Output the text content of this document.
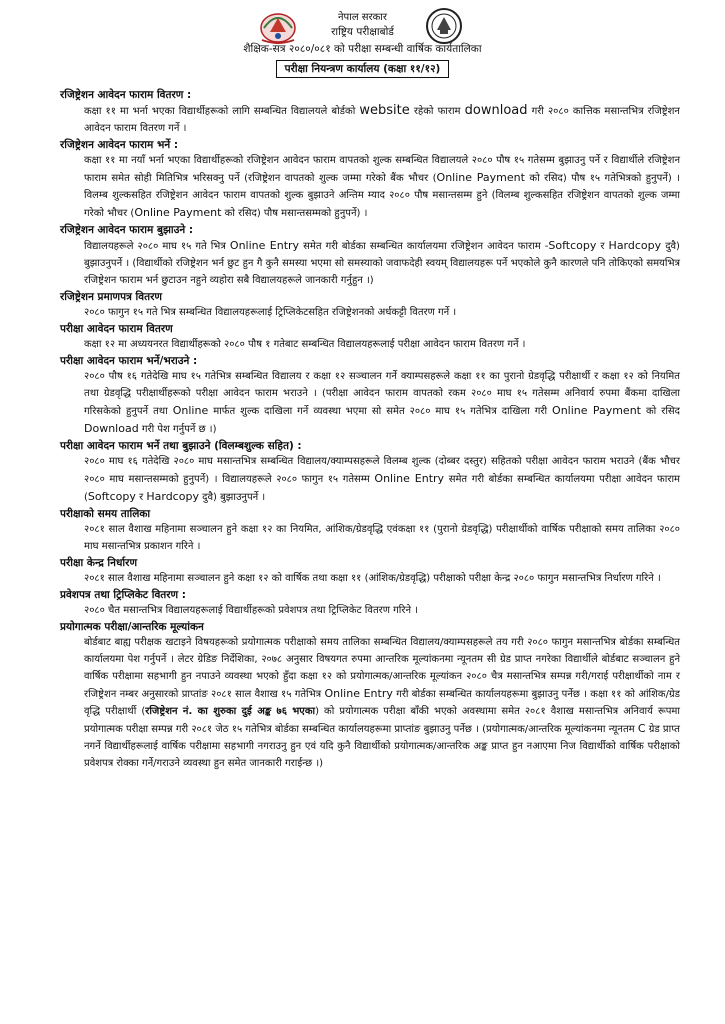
नेपाल सरकार
राष्ट्रिय परीक्षाबोर्ड
शैक्षिक-सत्र २०८०/०८१ को परीक्षा सम्बन्धी वार्षिक कार्यतालिका
परीक्षा नियन्त्रण कार्यालय (कक्षा ११/१२)
रजिष्ट्रेशन आवेदन फाराम वितरण :
कक्षा ११ मा भर्ना भएका विद्यार्थीहरूको लागि सम्बन्धित विद्यालयले बोर्डको website रहेको फाराम download गरी २०८० कात्तिक मसान्तभित्र रजिष्ट्रेशन आवेदन फाराम वितरण गर्ने ।
रजिष्ट्रेशन आवेदन फाराम भर्ने :
कक्षा ११ मा नयाँ भर्ना भएका विद्यार्थीहरूको रजिष्ट्रेशन आवेदन फाराम वापतको शुल्क सम्बन्धित विद्यालयले २०८० पौष १५ गतेसम्म बुझाउनु पर्ने र विद्यार्थीले रजिष्ट्रेशन फाराम समेत सोही मितिभित्र भरिसक्नु पर्ने (रजिष्ट्रेशन वापतको शुल्क जम्मा गरेको बैंक भौचर (Online Payment को रसिद) पौष १५ गतेभित्रको हुनुपर्ने) । विलम्ब शुल्कसहित रजिष्ट्रेशन आवेदन फाराम वापतको शुल्क बुझाउने अन्तिम म्याद २०८० पौष मसान्तसम्म हुने (विलम्ब शुल्कसहित रजिष्ट्रेशन वापतको शुल्क जम्मा गरेको भौचर (Online Payment को रसिद) पौष मसान्तसम्मको हुनुपर्ने) ।
रजिष्ट्रेशन आवेदन फाराम बुझाउने :
विद्यालयहरूले २०८० माघ १५ गते भित्र Online Entry समेत गरी बोर्डका सम्बन्धित कार्यालयमा रजिष्ट्रेशन आवेदन फाराम -Softcopy र Hardcopy दुवै) बुझाउनुपर्ने । (विद्यार्थीको रजिष्ट्रेशन भर्न छुट हुन गै कुनै समस्या भएमा सो समस्याको जवाफदेही स्वयम् विद्यालयहरू पर्ने भएकोले कुनै कारणले पनि तोकिएको समयभित्र रजिष्ट्रेशन फाराम भर्न छुटाउन नहुने व्यहोरा सबै विद्यालयहरूले जानकारी गर्नुहुन ।)
रजिष्ट्रेशन प्रमाणपत्र वितरण
२०८० फागुन १५ गते भित्र सम्बन्धित विद्यालयहरूलाई ट्रिप्लिकेटसहित रजिष्ट्रेशनको अर्धकट्टी वितरण गर्ने ।
परीक्षा आवेदन फाराम वितरण
कक्षा १२ मा अध्ययनरत विद्यार्थीहरूको २०८० पौष १ गतेबाट सम्बन्धित विद्यालयहरूलाई परीक्षा आवेदन फाराम वितरण गर्ने ।
परीक्षा आवेदन फाराम भर्ने/भराउने :
२०८० पौष १६ गतेदेखि माघ १५ गतेभित्र सम्बन्धित विद्यालय र कक्षा १२ सञ्चालन गर्ने क्याम्पसहरूले कक्षा ११ का पुरानो ग्रेडवृद्धि परीक्षार्थी र कक्षा १२ को नियमित तथा ग्रेडवृद्धि परीक्षार्थीहरूको परीक्षा आवेदन फाराम भराउने । (परीक्षा आवेदन फाराम वापतको रकम २०८० माघ १५ गतेसम्म अनिवार्य रुपमा बैंकमा दाखिला गरिसकेको हुनुपर्ने तथा Online मार्फत शुल्क दाखिला गर्ने व्यवस्था भएमा सो समेत २०८० माघ १५ गतेभित्र दाखिला गरी Online Payment को रसिद Download गरी पेश गर्नुपर्ने छ ।)
परीक्षा आवेदन फाराम भर्ने तथा बुझाउने (विलम्बशुल्क सहित) :
२०८० माघ १६ गतेदेखि २०८० माघ मसान्तभित्र सम्बन्धित विद्यालय/क्याम्पसहरूले विलम्ब शुल्क (दोब्बर दस्तुर) सहितको परीक्षा आवेदन फाराम भराउने (बैंक भौचर २०८० माघ मसान्तसम्मको हुनुपर्ने) । विद्यालयहरूले २०८० फागुन १५ गतेसम्म Online Entry समेत गरी बोर्डका सम्बन्धित कार्यालयमा परीक्षा आवेदन फाराम (Softcopy र Hardcopy दुवै) बुझाउनुपर्ने ।
परीक्षाको समय तालिका
२०८१ साल वैशाख महिनामा सञ्चालन हुने कक्षा १२ का नियमित, आंशिक/ग्रेडवृद्धि एवंकक्षा ११ (पुरानो ग्रेडवृद्धि) परीक्षार्थीको वार्षिक परीक्षाको समय तालिका २०८० माघ मसान्तभित्र प्रकाशन गरिने ।
परीक्षा केन्द्र निर्धारण
२०८१ साल वैशाख महिनामा सञ्चालन हुने कक्षा १२ को वार्षिक तथा कक्षा ११ (आंशिक/ग्रेडवृद्धि) परीक्षाको परीक्षा केन्द्र २०८० फागुन मसान्तभित्र निर्धारण गरिने ।
प्रवेशपत्र तथा ट्रिप्लिकेट वितरण :
२०८० चैत मसान्तभित्र विद्यालयहरूलाई विद्यार्थीहरूको प्रवेशपत्र तथा ट्रिप्लिकेट वितरण गरिने ।
प्रयोगात्मक परीक्षा/आन्तरिक मूल्यांकन
बोर्डबाट बाह्य परीक्षक खटाइने विषयहरूको प्रयोगात्मक परीक्षाको समय तालिका सम्बन्धित विद्यालय/क्याम्पसहरूले तय गरी २०८० फागुन मसान्तभित्र बोर्डका सम्बन्धित कार्यालयमा पेश गर्नुपर्ने । लेटर ग्रेडिङ निर्देशिका, २०७८ अनुसार विषयगत रुपमा आन्तरिक मूल्यांकनमा न्यूनतम सी ग्रेड प्राप्त नगरेका विद्यार्थीले बोर्डबाट सञ्चालन हुने वार्षिक परीक्षामा सहभागी हुन नपाउने व्यवस्था भएको हुँदा कक्षा १२ को प्रयोगात्मक/आन्तरिक मूल्यांकन २०८० चैत्र मसान्तभित्र सम्पन्न गरी/गराई परीक्षार्थीको नाम र रजिष्ट्रेशन नम्बर अनुसारको प्राप्तांङ २०८१ साल वैशाख १५ गतेभित्र Online Entry गरी बोर्डका सम्बन्धित कार्यालयहरूमा बुझाउनु पर्नेछ । कक्षा ११ को आंशिक/ग्रेड वृद्धि परीक्षार्थी (रजिष्ट्रेशन नं. का शुरुका दुई अङ्क ७६ भएका) को प्रयोगात्मक परीक्षा बाँकी भएको अवस्थामा समेत २०८१ वैशाख मसान्तभित्र अनिवार्य रूपमा प्रयोगात्मक परीक्षा सम्पन्न गरी २०८१ जेठ १५ गतेभित्र बोर्डका सम्बन्धित कार्यालयहरूमा प्राप्तांङ बुझाउनु पर्नेछ । (प्रयोगात्मक/आन्तरिक मूल्यांकनमा न्यूनतम C ग्रेड प्राप्त नगर्ने विद्यार्थीहरूलाई वार्षिक परीक्षामा सहभागी नगराउनु हुन एवं यदि कुनै विद्यार्थीको प्रयोगात्मक/आन्तरिक अङ्क प्राप्त हुन नआएमा निज विद्यार्थीको वार्षिक परीक्षाको प्रवेशपत्र रोक्का गर्ने/गराउने व्यवस्था हुन समेत जानकारी गराईन्छ ।)
